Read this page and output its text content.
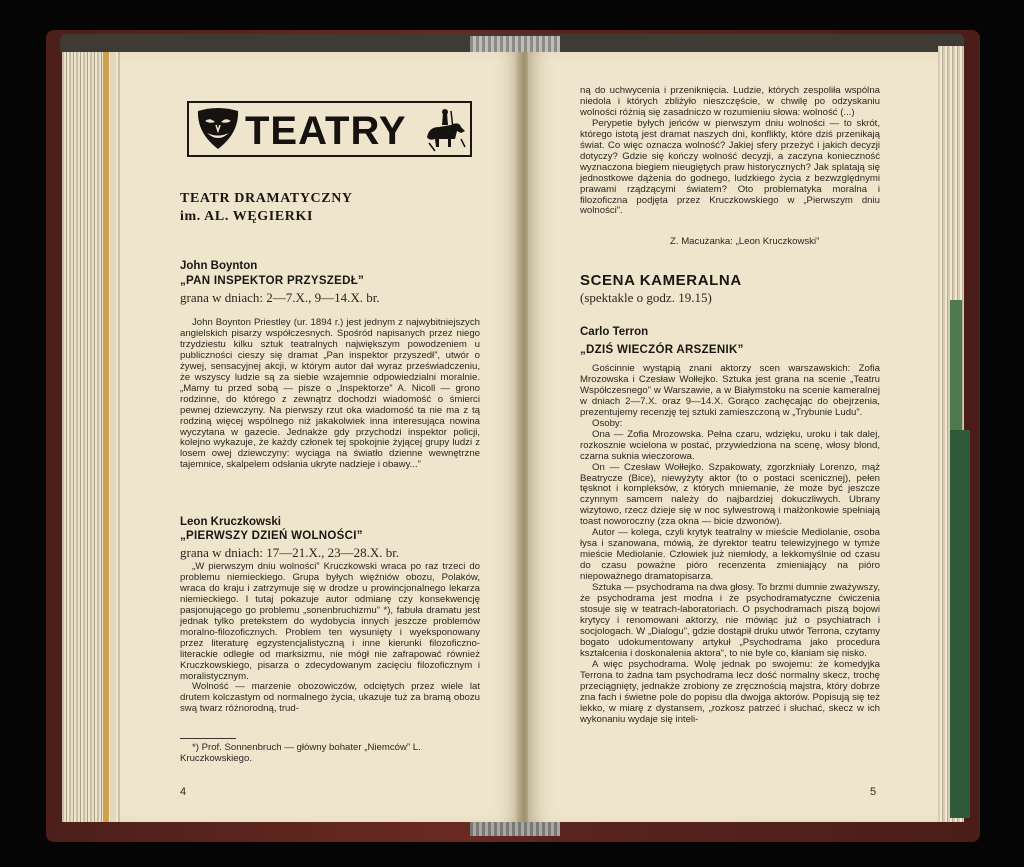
TEATRY
TEATR DRAMATYCZNY
im. AL. WĘGIERKI
John Boynton
„PAN INSPEKTOR PRZYSZEDŁ”
grana w dniach: 2—7.X., 9—14.X. br.

John Boynton Priestley (ur. 1894 r.) jest jednym z najwybitniejszych angielskich pisarzy współczesnych. Spośród napisanych przez niego trzydziestu kilku sztuk teatralnych największym powodzeniem u publiczności cieszy się dramat „Pan inspektor przyszedł”, utwór o żywej, sensacyjnej akcji, w którym autor dał wyraz przeświadczeniu, że wszyscy ludzie są za siebie wzajemnie odpowiedzialni moralnie. „Mamy tu przed sobą — pisze o „Inspektorze” A. Nicoll — grono rodzinne, do którego z zewnątrz dochodzi wiadomość o śmierci pewnej dziewczyny. Na pierwszy rzut oka wiadomość ta nie ma z tą rodziną więcej wspólnego niż jakakolwiek inna interesująca nowina wyczytana w gazecie. Jednakże gdy przychodzi inspektor policji, kolejno wykazuje, że każdy członek tej spokojnie żyjącej grupy ludzi z losem owej dziewczyny: wyciąga na światło dzienne wewnętrzne tajemnice, skalpelem odsłania ukryte nadzieje i obawy...”

Leon Kruczkowski
„PIERWSZY DZIEŃ WOLNOŚCI”
grana w dniach: 17—21.X., 23—28.X. br.

„W pierwszym dniu wolności” Kruczkowski wraca po raz trzeci do problemu niemieckiego. Grupa byłych więźniów obozu, Polaków, wraca do kraju i zatrzymuje się w drodze u prowincjonalnego lekarza niemieckiego. I tutaj pokazuje autor odmianę czy konsekwencję pasjonującego go problemu „sonenbruchizmu” *), fabuła dramatu jest jednak tylko pretekstem do wydobycia innych jeszcze problemów moralno-filozoficznych. Problem ten wysunięty i wyeksponowany przez literaturę egzystencjalistyczną i inne kierunki filozoficzno-literackie odległe od marksizmu, nie mógł nie zafrapować również Kruczkowskiego, pisarza o zdecydowanym zacięciu filozoficznym i moralistycznym.

Wolność — marzenie obozowiczów, odciętych przez wiele lat drutem kolczastym od normalnego życia, ukazuje tuż za bramą obozu swą twarz różnorodną, trud-

*) Prof. Sonnenbruch — główny bohater „Niemców” L. Kruczkowskiego.

4

ną do uchwycenia i przeniknięcia. Ludzie, których zespoliła wspólna niedola i których zbliżyło nieszczęście, w chwilę po odzyskaniu wolności różnią się zasadniczo w rozumieniu słowa: wolność (...)

Perypetie byłych jeńców w pierwszym dniu wolności — to skrót, którego istotą jest dramat naszych dni, konflikty, które dziś przenikają świat. Co więc oznacza wolność? Jakiej sfery przeżyć i jakich decyzji dotyczy? Gdzie się kończy wolność decyzji, a zaczyna konieczność wyznaczona biegiem nieugiętych praw historycznych? Jak splatają się jednostkowe dążenia do godnego, ludzkiego życia z bezwzględnymi prawami rządzącymi światem? Oto problematyka moralna i filozoficzna podjęta przez Kruczkowskiego w „Pierwszym dniu wolności”.

Z. Macużanka: „Leon Kruczkowski”
SCENA KAMERALNA
(spektakle o godz. 19.15)
Carlo Terron
„DZIŚ WIECZÓR ARSZENIK”

Gościnnie wystąpią znani aktorzy scen warszawskich: Zofia Mrozowska i Czesław Wołłejko. Sztuka jest grana na scenie „Teatru Współczesnego” w Warszawie, a w Białymstoku na scenie kameralnej w dniach 2—7.X. oraz 9—14.X. Gorąco zachęcając do obejrzenia, prezentujemy recenzję tej sztuki zamieszczoną w „Trybunie Ludu”.

Osoby:

Ona — Zofia Mrozowska. Pełna czaru, wdzięku, uroku i tak dalej, rozkosznie wcielona w postać, przywiedziona na scenę, włosy blond, czarna suknia wieczorowa.

On — Czesław Wołłejko. Szpakowaty, zgorzkniały Lorenzo, mąż Beatrycze (Bice), niewyżyty aktor (to o postaci scenicznej), pełen tęsknot i kompleksów, z których mniemanie, że może być jeszcze czynnym samcem należy do najbardziej dokuczliwych. Ubrany wizytowo, rzecz dzieje się w noc sylwestrową i małżonkowie spełniają toast noworoczny (zza okna — bicie dzwonów).

Autor — kolega, czyli krytyk teatralny w mieście Mediolanie, osoba łysa i szanowana, mówią, że dyrektor teatru telewizyjnego w tymże mieście Mediolanie. Człowiek już niemłody, a lekkomyślnie od czasu do czasu poważne pióro recenzenta zmieniający na pióro niepoważnego dramatopisarza.

Sztuka — psychodrama na dwa głosy. To brzmi dumnie zważywszy, że psychodrama jest modna i że psychodramatyczne ćwiczenia stosuje się w teatrach-laboratoriach. O psychodramach piszą bojowi krytycy i renomowani aktorzy, nie mówiąc już o psychiatrach i socjologach. W „Dialogu”, gdzie dostąpił druku utwór Terrona, czytamy bogato udokumentowany artykuł „Psychodrama jako procedura kształcenia i doskonalenia aktora”, to nie byle co, kłaniam się nisko.

A więc psychodrama. Wolę jednak po swojemu: że komedyjka Terrona to żadna tam psychodrama lecz dość normalny skecz, trochę przeciągnięty, jednakże zrobiony ze zręcznością majstra, który dobrze zna fach i świetne pole do popisu dla dwojga aktorów. Popisują się też lekko, w miarę z dystansem, „rozkosz patrzeć i słuchać, skecz w ich wykonaniu wydaje się inteli-

5
